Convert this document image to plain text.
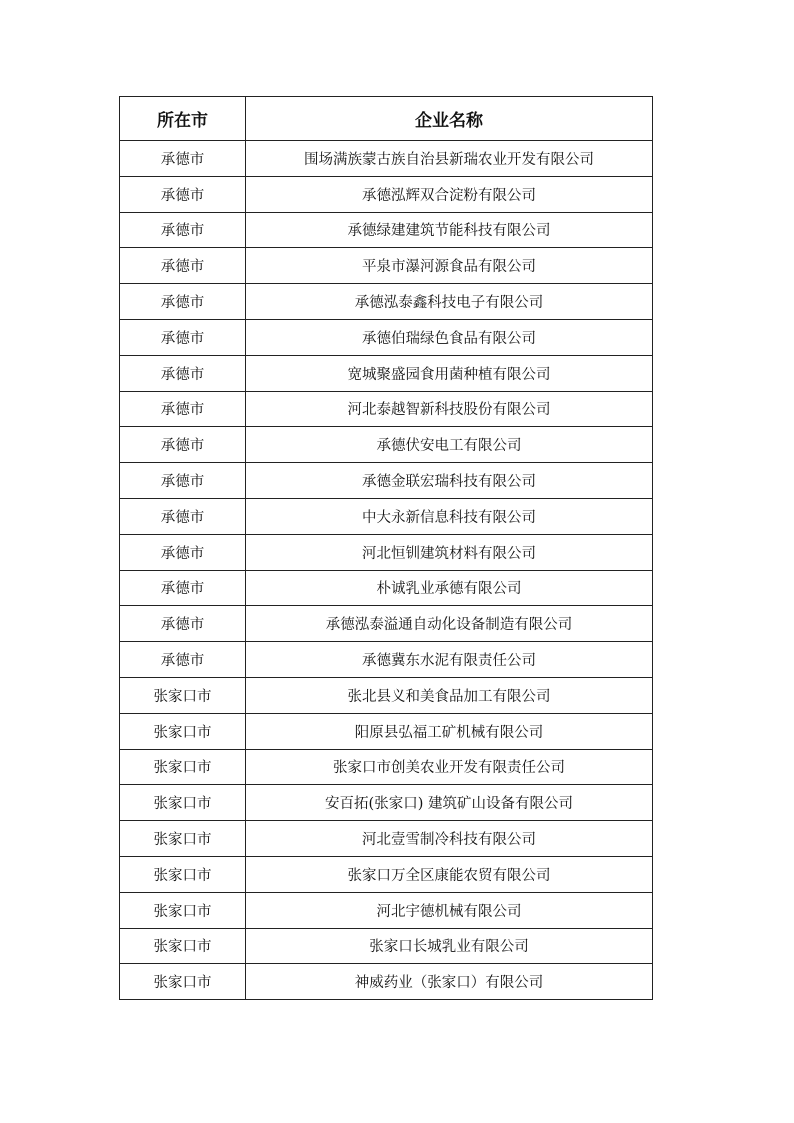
所在市	企业名称
承德市	围场满族蒙古族自治县新瑞农业开发有限公司
承德市	承德泓辉双合淀粉有限公司
承德市	承德绿建建筑节能科技有限公司
承德市	平泉市瀑河源食品有限公司
承德市	承德泓泰鑫科技电子有限公司
承德市	承德伯瑞绿色食品有限公司
承德市	宽城聚盛园食用菌种植有限公司
承德市	河北泰越智新科技股份有限公司
承德市	承德伏安电工有限公司
承德市	承德金联宏瑞科技有限公司
承德市	中大永新信息科技有限公司
承德市	河北恒钏建筑材料有限公司
承德市	朴诚乳业承德有限公司
承德市	承德泓泰溢通自动化设备制造有限公司
承德市	承德冀东水泥有限责任公司
张家口市	张北县义和美食品加工有限公司
张家口市	阳原县弘福工矿机械有限公司
张家口市	张家口市创美农业开发有限责任公司
张家口市	安百拓(张家口) 建筑矿山设备有限公司
张家口市	河北壹雪制冷科技有限公司
张家口市	张家口万全区康能农贸有限公司
张家口市	河北宇德机械有限公司
张家口市	张家口长城乳业有限公司
张家口市	神威药业（张家口）有限公司
